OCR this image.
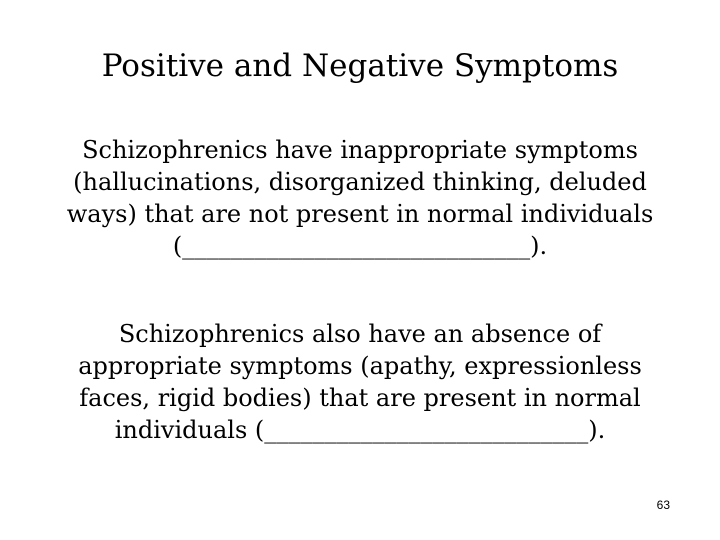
Positive and Negative Symptoms
Schizophrenics have inappropriate symptoms
(hallucinations, disorganized thinking, deluded
ways) that are not present in normal individuals
(_____________________________).
Schizophrenics also have an absence of
appropriate symptoms (apathy, expressionless
faces, rigid bodies) that are present in normal
individuals (___________________________).
63
